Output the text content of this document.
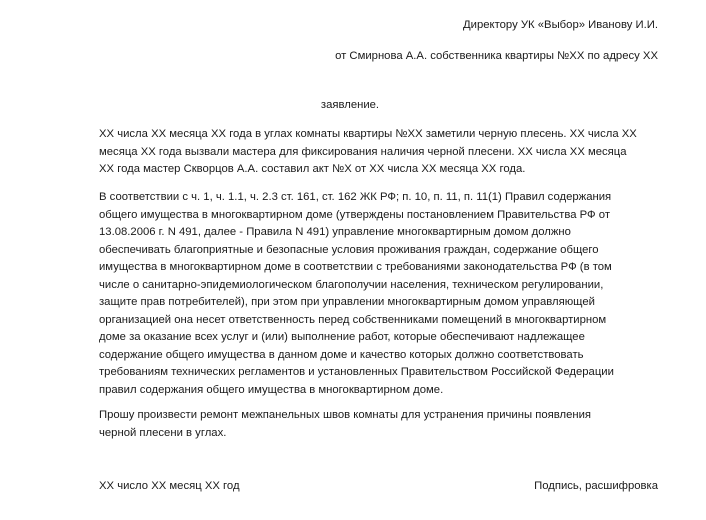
Директору УК «Выбор» Иванову И.И.
от Смирнова А.А. собственника квартиры №ХХ по адресу ХХ
заявление.
ХХ числа ХХ месяца ХХ года в углах комнаты квартиры №ХХ заметили черную плесень. ХХ числа ХХ
месяца ХХ года вызвали мастера для фиксирования наличия черной плесени. ХХ числа ХХ месяца
ХХ года мастер Скворцов А.А. составил акт №Х от ХХ числа ХХ месяца ХХ года.
В соответствии с ч. 1, ч. 1.1, ч. 2.3 ст. 161, ст. 162 ЖК РФ; п. 10, п. 11, п. 11(1) Правил содержания
общего имущества в многоквартирном доме (утверждены постановлением Правительства РФ от
13.08.2006 г. N 491, далее - Правила N 491) управление многоквартирным домом должно
обеспечивать благоприятные и безопасные условия проживания граждан, содержание общего
имущества в многоквартирном доме в соответствии с требованиями законодательства РФ (в том
числе о санитарно-эпидемиологическом благополучии населения, техническом регулировании,
защите прав потребителей), при этом при управлении многоквартирным домом управляющей
организацией она несет ответственность перед собственниками помещений в многоквартирном
доме за оказание всех услуг и (или) выполнение работ, которые обеспечивают надлежащее
содержание общего имущества в данном доме и качество которых должно соответствовать
требованиям технических регламентов и установленных Правительством Российской Федерации
правил содержания общего имущества в многоквартирном доме.
Прошу произвести ремонт межпанельных швов комнаты для устранения причины появления
черной плесени в углах.
ХХ число ХХ месяц ХХ год	Подпись, расшифровка
